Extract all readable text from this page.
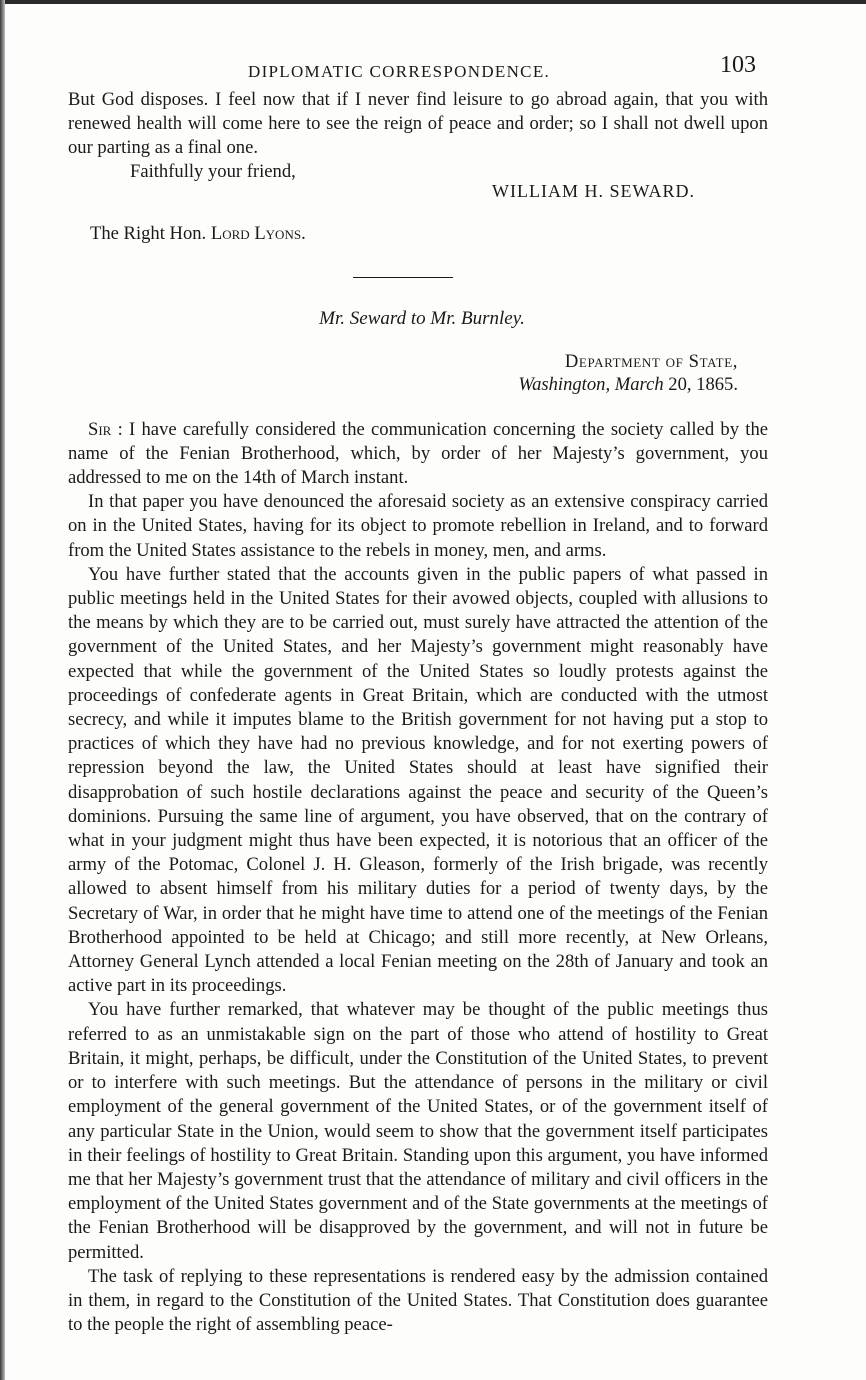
DIPLOMATIC CORRESPONDENCE.	103

But God disposes. I feel now that if I never find leisure to go abroad again, that you with renewed health will come here to see the reign of peace and order; so I shall not dwell upon our parting as a final one.

Faithfully your friend,
WILLIAM H. SEWARD.
The Right Hon. Lord Lyons.
Mr. Seward to Mr. Burnley.
Department of State,
Washington, March 20, 1865.

Sir : I have carefully considered the communication concerning the society called by the name of the Fenian Brotherhood, which, by order of her Majesty’s government, you addressed to me on the 14th of March instant.

In that paper you have denounced the aforesaid society as an extensive conspiracy carried on in the United States, having for its object to promote rebellion in Ireland, and to forward from the United States assistance to the rebels in money, men, and arms.

You have further stated that the accounts given in the public papers of what passed in public meetings held in the United States for their avowed objects, coupled with allusions to the means by which they are to be carried out, must surely have attracted the attention of the government of the United States, and her Majesty’s government might reasonably have expected that while the government of the United States so loudly protests against the proceedings of confederate agents in Great Britain, which are conducted with the utmost secrecy, and while it imputes blame to the British government for not having put a stop to practices of which they have had no previous knowledge, and for not exerting powers of repression beyond the law, the United States should at least have signified their disapprobation of such hostile declarations against the peace and security of the Queen’s dominions. Pursuing the same line of argument, you have observed, that on the contrary of what in your judgment might thus have been expected, it is notorious that an officer of the army of the Potomac, Colonel J. H. Gleason, formerly of the Irish brigade, was recently allowed to absent himself from his military duties for a period of twenty days, by the Secretary of War, in order that he might have time to attend one of the meetings of the Fenian Brotherhood appointed to be held at Chicago; and still more recently, at New Orleans, Attorney General Lynch attended a local Fenian meeting on the 28th of January and took an active part in its proceedings.

You have further remarked, that whatever may be thought of the public meetings thus referred to as an unmistakable sign on the part of those who attend of hostility to Great Britain, it might, perhaps, be difficult, under the Constitution of the United States, to prevent or to interfere with such meetings. But the attendance of persons in the military or civil employment of the general government of the United States, or of the government itself of any particular State in the Union, would seem to show that the government itself participates in their feelings of hostility to Great Britain. Standing upon this argument, you have informed me that her Majesty’s government trust that the attendance of military and civil officers in the employment of the United States government and of the State governments at the meetings of the Fenian Brotherhood will be disapproved by the government, and will not in future be permitted.

The task of replying to these representations is rendered easy by the admission contained in them, in regard to the Constitution of the United States. That Constitution does guarantee to the people the right of assembling peace-
